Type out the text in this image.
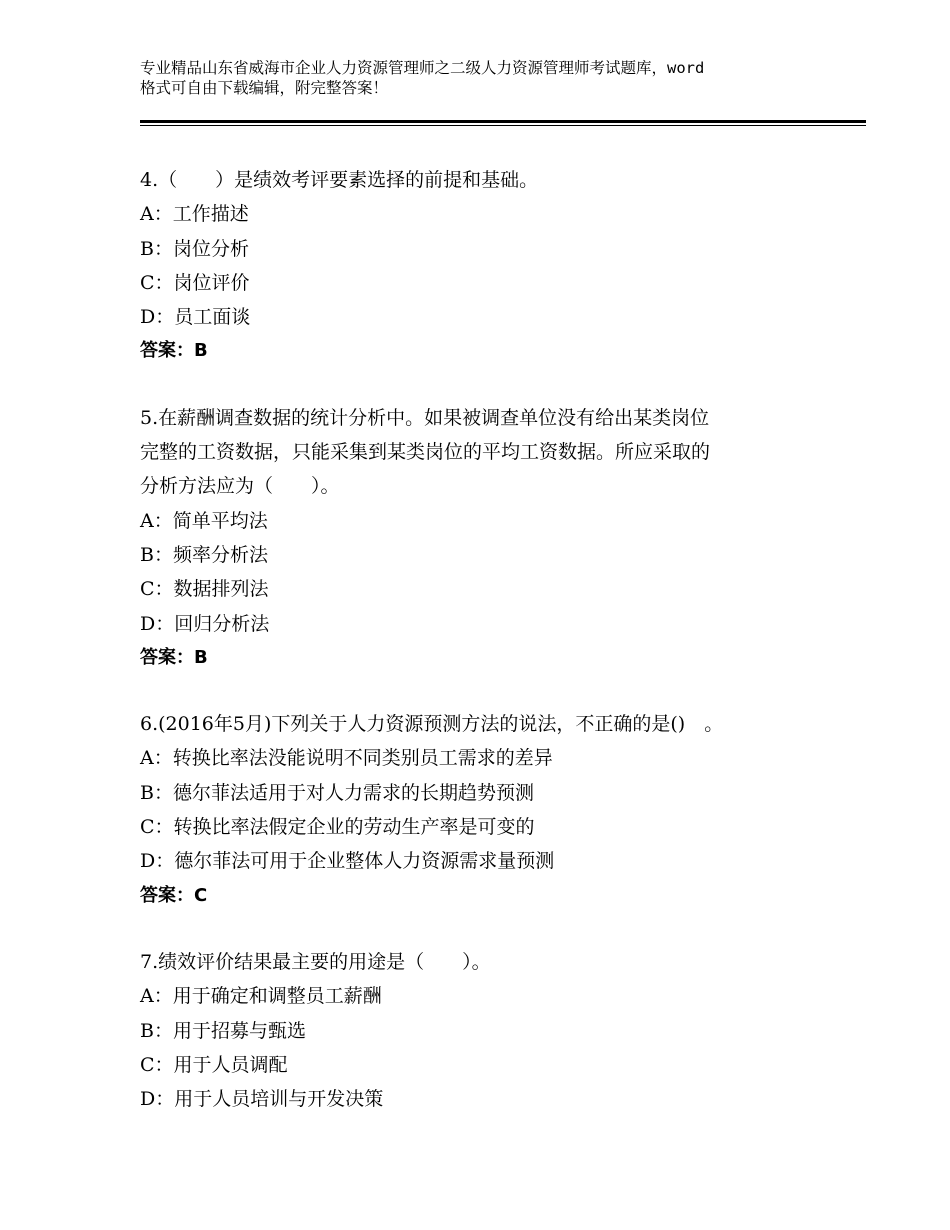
专业精品山东省威海市企业人力资源管理师之二级人力资源管理师考试题库，word
格式可自由下载编辑，附完整答案！
4.（　　）是绩效考评要素选择的前提和基础。
A：工作描述
B：岗位分析
C：岗位评价
D：员工面谈
答案：B
5.在薪酬调查数据的统计分析中。如果被调查单位没有给出某类岗位
完整的工资数据，只能采集到某类岗位的平均工资数据。所应采取的
分析方法应为（　　）。
A：简单平均法
B：频率分析法
C：数据排列法
D：回归分析法
答案：B
6.(2016年5月)下列关于人力资源预测方法的说法，不正确的是()　。
A：转换比率法没能说明不同类别员工需求的差异
B：德尔菲法适用于对人力需求的长期趋势预测
C：转换比率法假定企业的劳动生产率是可变的
D：德尔菲法可用于企业整体人力资源需求量预测
答案：C
7.绩效评价结果最主要的用途是（　　）。
A：用于确定和调整员工薪酬
B：用于招募与甄选
C：用于人员调配
D：用于人员培训与开发决策
